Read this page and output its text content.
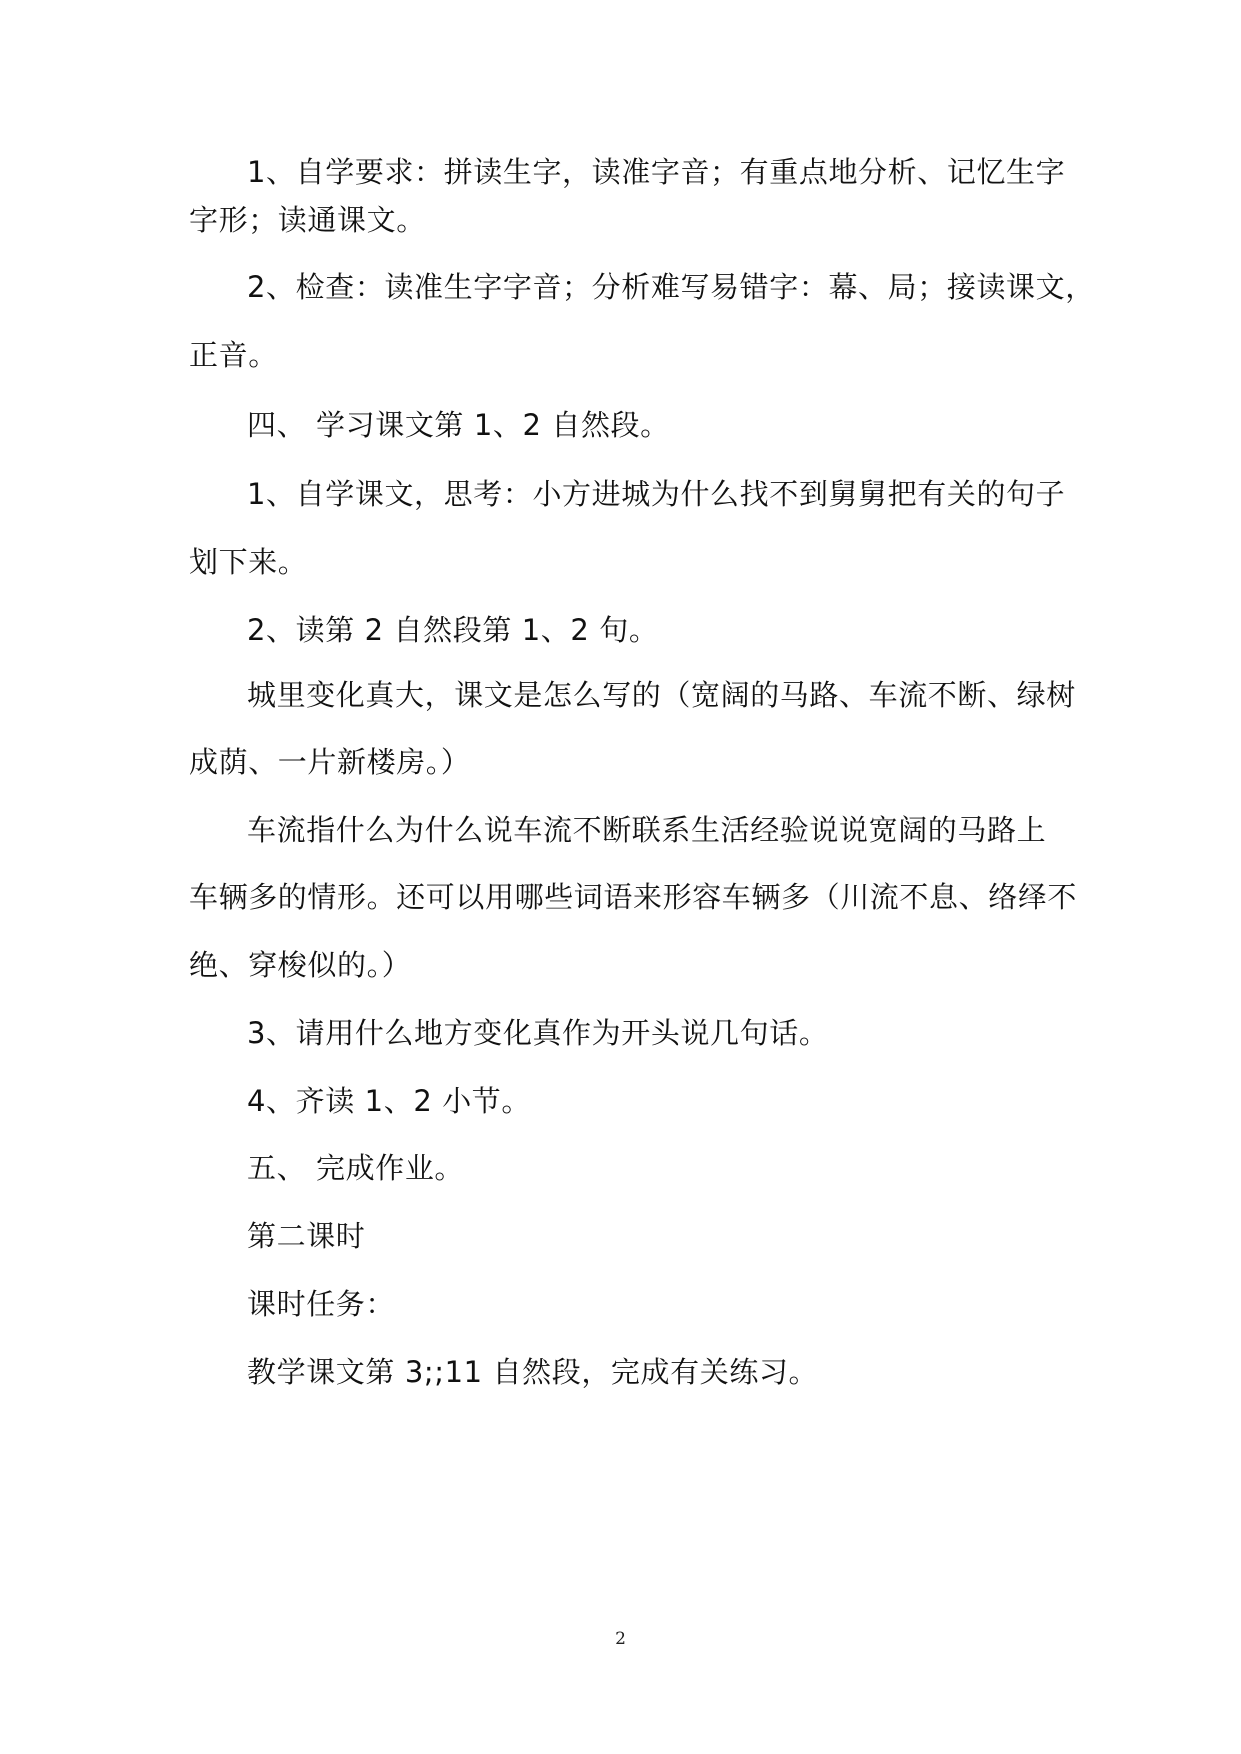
1、自学要求：拼读生字，读准字音；有重点地分析、记忆生字
字形；读通课文。
2、检查：读准生字字音；分析难写易错字：幕、局；接读课文，
正音。
四、 学习课文第 1、2 自然段。
1、自学课文，思考：小方进城为什么找不到舅舅把有关的句子
划下来。
2、读第 2 自然段第 1、2 句。
城里变化真大，课文是怎么写的（宽阔的马路、车流不断、绿树
成荫、一片新楼房。）
车流指什么为什么说车流不断联系生活经验说说宽阔的马路上
车辆多的情形。还可以用哪些词语来形容车辆多（川流不息、络绎不
绝、穿梭似的。）
3、请用什么地方变化真作为开头说几句话。
4、齐读 1、2 小节。
五、 完成作业。
第二课时
课时任务：
教学课文第 3;;11 自然段，完成有关练习。
2
